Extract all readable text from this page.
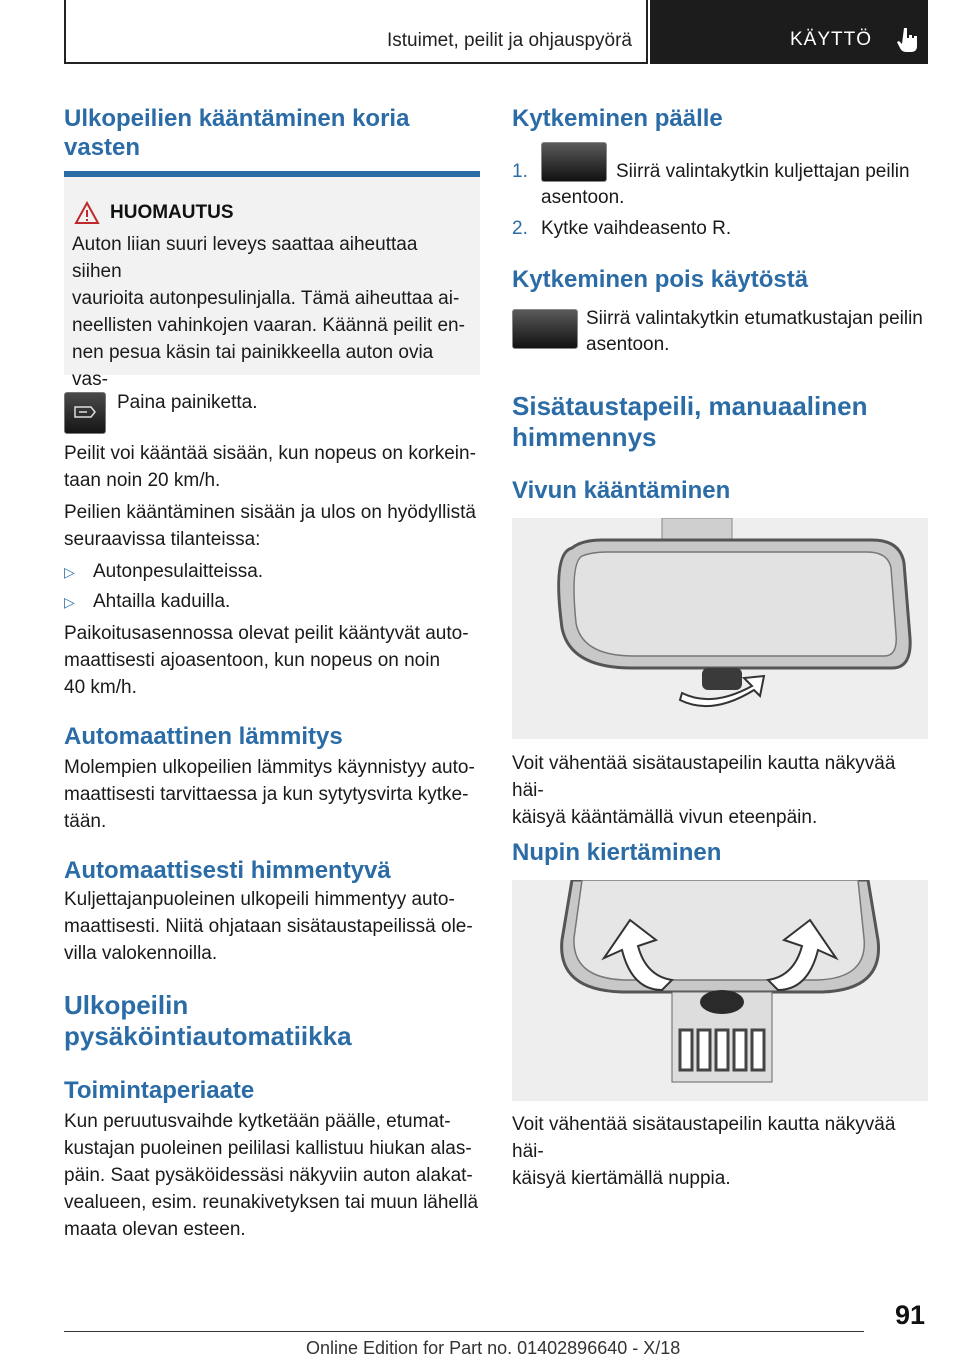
Istuimet, peilit ja ohjauspyörä	KÄYTTÖ
Ulkopeilien kääntäminen koria vasten
HUOMAUTUS
Auton liian suuri leveys saattaa aiheuttaa siihen
vaurioita autonpesulinjalla. Tämä aiheuttaa ai-
neellisten vahinkojen vaaran. Käännä peilit en-
nen pesua käsin tai painikkeella auton ovia vas-

Paina painiketta.

Peilit voi kääntää sisään, kun nopeus on korkein-
taan noin 20 km/h.
Peilien kääntäminen sisään ja ulos on hyödyllistä
seuraavissa tilanteissa:
▷ Autonpesulaitteissa.

▷ Ahtailla kaduilla.

Paikoitusasennossa olevat peilit kääntyvät auto-
maattisesti ajoasentoon, kun nopeus on noin
40 km/h.
Automaattinen lämmitys
Molempien ulkopeilien lämmitys käynnistyy auto-
maattisesti tarvittaessa ja kun sytytysvirta kytke-
tään.
Automaattisesti himmentyvä
Kuljettajanpuoleinen ulkopeili himmentyy auto-
maattisesti. Niitä ohjataan sisätaustapeilissä ole-
villa valokennoilla.
Ulkopeilin
pysäköintiautomatiikka
Toimintaperiaate
Kun peruutusvaihde kytketään päälle, etumat-
kustajan puoleinen peililasi kallistuu hiukan alas-
päin. Saat pysäköidessäsi näkyviin auton alakat-
vealueen, esim. reunakivetyksen tai muun lähellä
maata olevan esteen.
Kytkeminen päälle
1.	Siirrä valintakytkin kuljettajan peilin

asentoon.

2. Kytke vaihdeasento R.

Kytkeminen pois käytöstä

Siirrä valintakytkin etumatkustajan peilin

asentoon.

Sisätaustapeili, manuaalinen
himmennys
Vivun kääntäminen
Voit vähentää sisätaustapeilin kautta näkyvää häi-
käisyä kääntämällä vivun eteenpäin.
Nupin kiertäminen
Voit vähentää sisätaustapeilin kautta näkyvää häi-
käisyä kiertämällä nuppia.
91
Online Edition for Part no. 01402896640 - X/18
